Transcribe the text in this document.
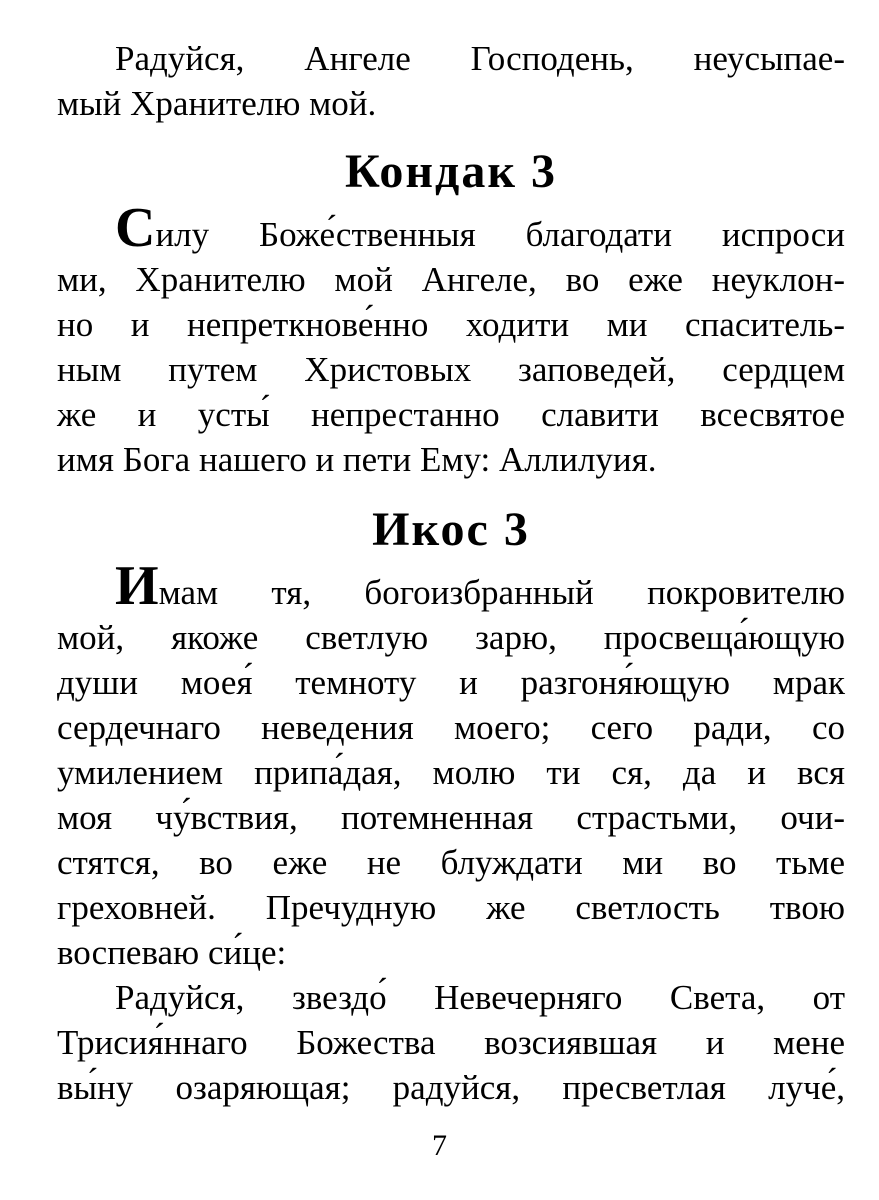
Радуйся, Ангеле Господень, неусыпае-

мый Хранителю мой.

Кондак 3

Силу Боже́ственныя благодати испроси

ми, Хранителю мой Ангеле, во еже неуклон-

но и непреткнове́нно ходити ми спаситель-

ным путем Христовых заповедей, сердцем

же и усты́ непрестанно славити всесвятое

имя Бога нашего и пети Ему: Аллилуия.

Икос 3

Имам тя, богоизбранный покровителю

мой, якоже светлую зарю, просвеща́ющую

души моея́ темноту и разгоня́ющую мрак

сердечнаго неведения моего; сего ради, со

умилением припа́дая, молю ти ся, да и вся

моя чу́вствия, потемненная страстьми, очи-

стятся, во еже не блуждати ми во тьме

греховней. Пречудную же светлость твою

воспеваю си́це:

Радуйся, звездо́ Невечерняго Света, от

Трисия́ннаго Божества возсиявшая и мене

вы́ну озаряющая; радуйся, пресветлая луче́,

7
